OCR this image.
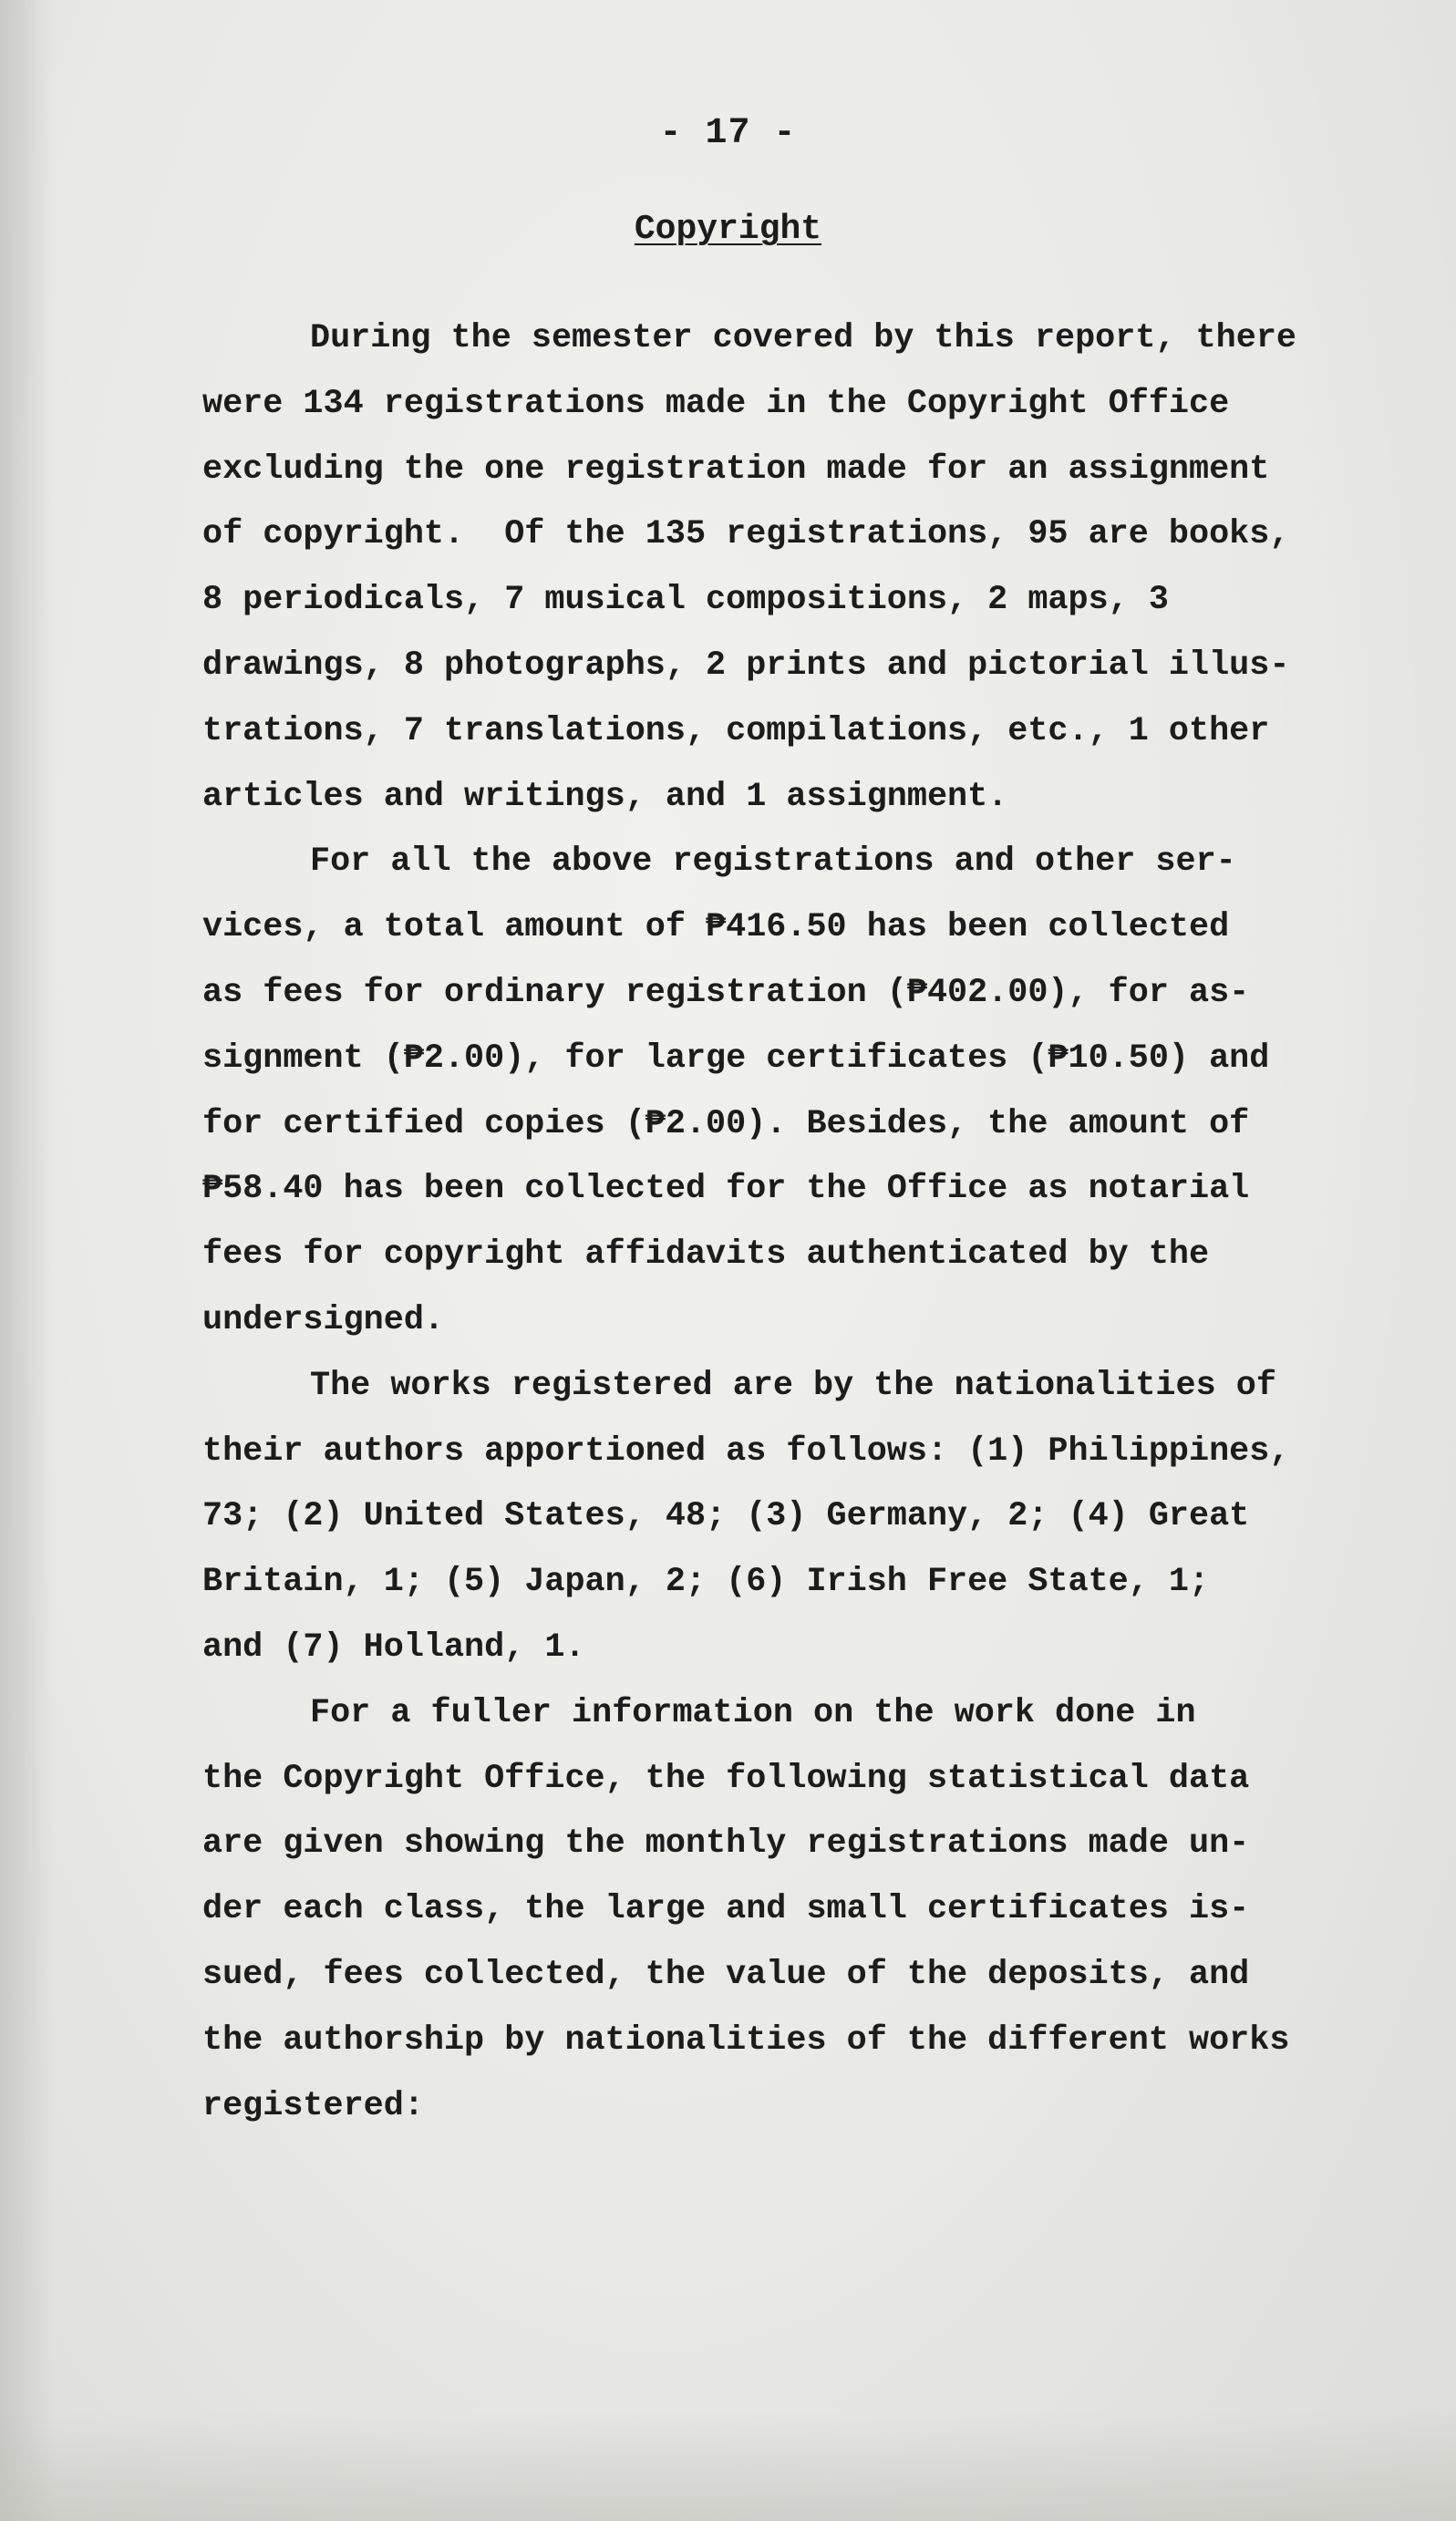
- 17 -
Copyright
During the semester covered by this report, there
were 134 registrations made in the Copyright Office
excluding the one registration made for an assignment
of copyright.  Of the 135 registrations, 95 are books,
8 periodicals, 7 musical compositions, 2 maps, 3
drawings, 8 photographs, 2 prints and pictorial illus-
trations, 7 translations, compilations, etc., 1 other
articles and writings, and 1 assignment.
For all the above registrations and other ser-
vices, a total amount of ₱416.50 has been collected
as fees for ordinary registration (₱402.00), for as-
signment (₱2.00), for large certificates (₱10.50) and
for certified copies (₱2.00). Besides, the amount of
₱58.40 has been collected for the Office as notarial
fees for copyright affidavits authenticated by the
undersigned.
The works registered are by the nationalities of
their authors apportioned as follows: (1) Philippines,
73; (2) United States, 48; (3) Germany, 2; (4) Great
Britain, 1; (5) Japan, 2; (6) Irish Free State, 1;
and (7) Holland, 1.
For a fuller information on the work done in
the Copyright Office, the following statistical data
are given showing the monthly registrations made un-
der each class, the large and small certificates is-
sued, fees collected, the value of the deposits, and
the authorship by nationalities of the different works
registered:
